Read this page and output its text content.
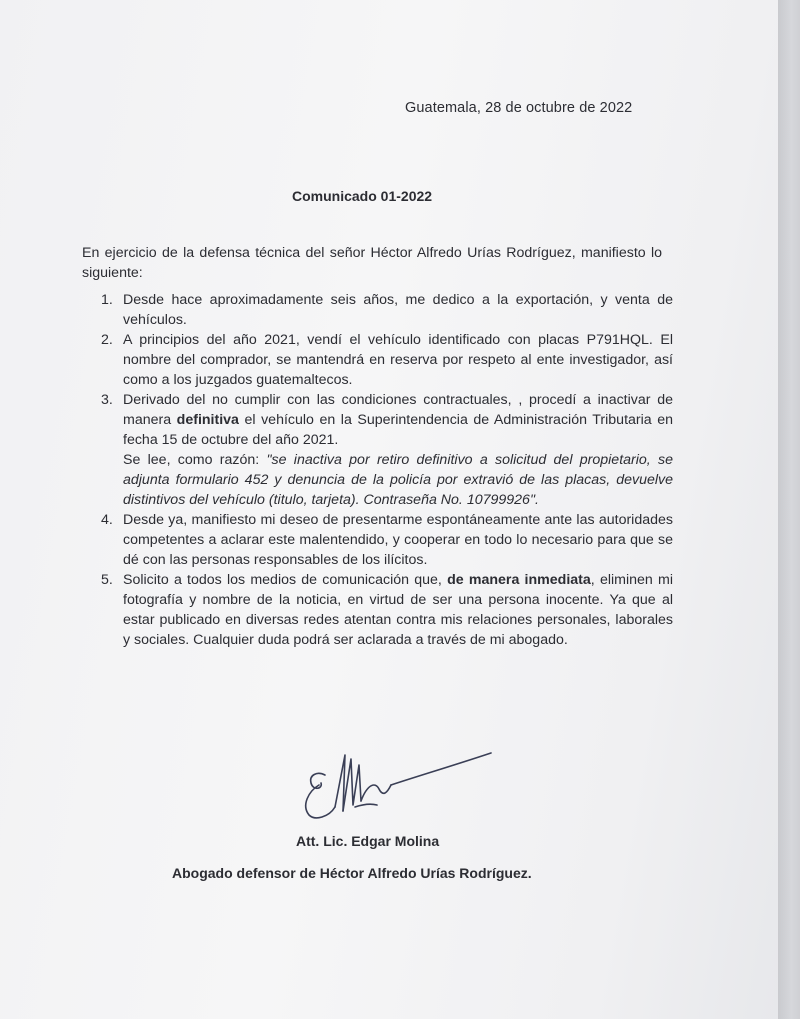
Guatemala, 28 de octubre de 2022
Comunicado 01-2022
En ejercicio de la defensa técnica del señor Héctor Alfredo Urías Rodríguez, manifiesto lo siguiente:
1. Desde hace aproximadamente seis años, me dedico a la exportación, y venta de vehículos.
2. A principios del año 2021, vendí el vehículo identificado con placas P791HQL. El nombre del comprador, se mantendrá en reserva por respeto al ente investigador, así como a los juzgados guatemaltecos.
3. Derivado del no cumplir con las condiciones contractuales, , procedí a inactivar de manera definitiva el vehículo en la Superintendencia de Administración Tributaria en fecha 15 de octubre del año 2021.
Se lee, como razón: "se inactiva por retiro definitivo a solicitud del propietario, se adjunta formulario 452 y denuncia de la policía por extravió de las placas, devuelve distintivos del vehículo (titulo, tarjeta). Contraseña No. 10799926".
4. Desde ya, manifiesto mi deseo de presentarme espontáneamente ante las autoridades competentes a aclarar este malentendido, y cooperar en todo lo necesario para que se dé con las personas responsables de los ilícitos.
5. Solicito a todos los medios de comunicación que, de manera inmediata, eliminen mi fotografía y nombre de la noticia, en virtud de ser una persona inocente. Ya que al estar publicado en diversas redes atentan contra mis relaciones personales, laborales y sociales. Cualquier duda podrá ser aclarada a través de mi abogado.
Att. Lic. Edgar Molina
Abogado defensor de Héctor Alfredo Urías Rodríguez.
